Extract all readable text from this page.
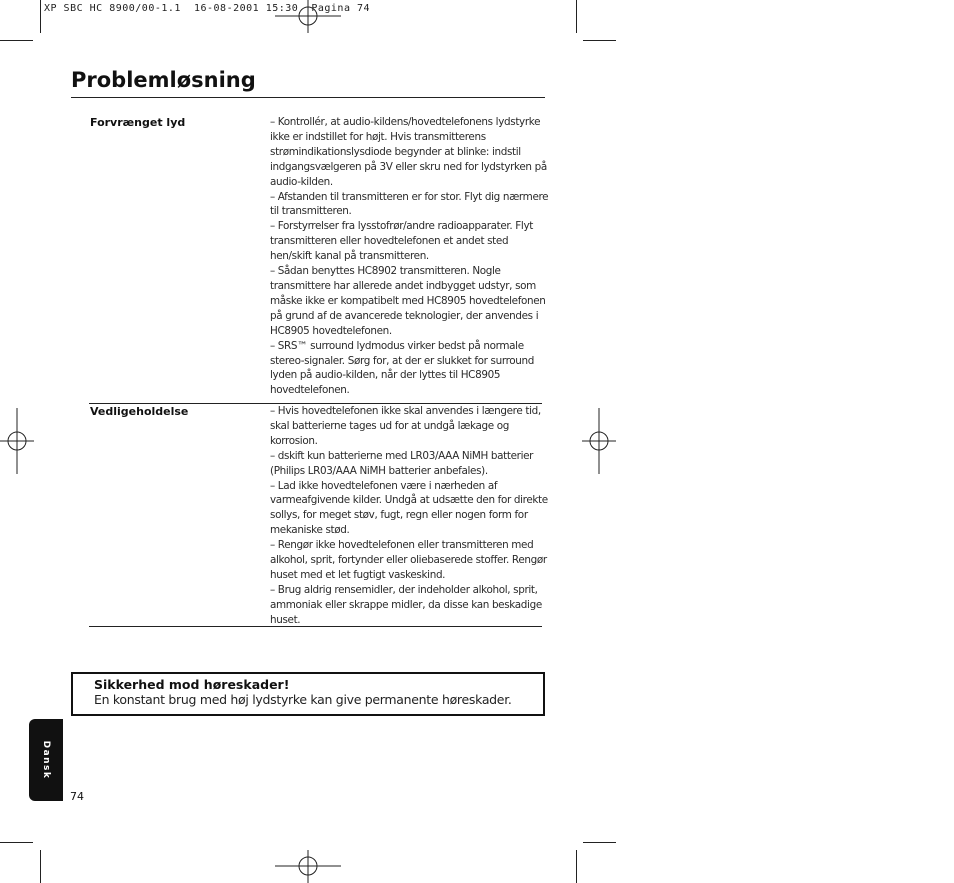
XP SBC HC 8900/00-1.1  16-08-2001 15:30  Pagina 74
Problemløsning
Forvrænget lyd	– Kontrollér, at audio-kildens/hovedtelefonens lydstyrke ikke er indstillet for højt. Hvis transmitterens strømindikationslysdiode begynder at blinke: indstil indgangsvælgeren på 3V eller skru ned for lydstyrken på audio-kilden.

– Afstanden til transmitteren er for stor. Flyt dig nærmere til transmitteren.

– Forstyrrelser fra lysstofrør/andre radioapparater. Flyt transmitteren eller hovedtelefonen et andet sted hen/skift kanal på transmitteren.

– Sådan benyttes HC8902 transmitteren. Nogle transmittere har allerede andet indbygget udstyr, som måske ikke er kompatibelt med HC8905 hovedtelefonen på grund af de avancerede teknologier, der anvendes i HC8905 hovedtelefonen.

– SRS™ surround lydmodus virker bedst på normale stereo-signaler. Sørg for, at der er slukket for surround lyden på audio-kilden, når der lyttes til HC8905 hovedtelefonen.

Vedligeholdelse	– Hvis hovedtelefonen ikke skal anvendes i længere tid, skal batterierne tages ud for at undgå lækage og korrosion.

– dskift kun batterierne med LR03/AAA NiMH batterier (Philips LR03/AAA NiMH batterier anbefales).

– Lad ikke hovedtelefonen være i nærheden af varmeafgivende kilder. Undgå at udsætte den for direkte sollys, for meget støv, fugt, regn eller nogen form for mekaniske stød.

– Rengør ikke hovedtelefonen eller transmitteren med alkohol, sprit, fortynder eller oliebaserede stoffer. Rengør huset med et let fugtigt vaskeskind.

– Brug aldrig rensemidler, der indeholder alkohol, sprit, ammoniak eller skrappe midler, da disse kan beskadige huset.

Sikkerhed mod høreskader!
En konstant brug med høj lydstyrke kan give permanente høreskader.
Dansk
74
